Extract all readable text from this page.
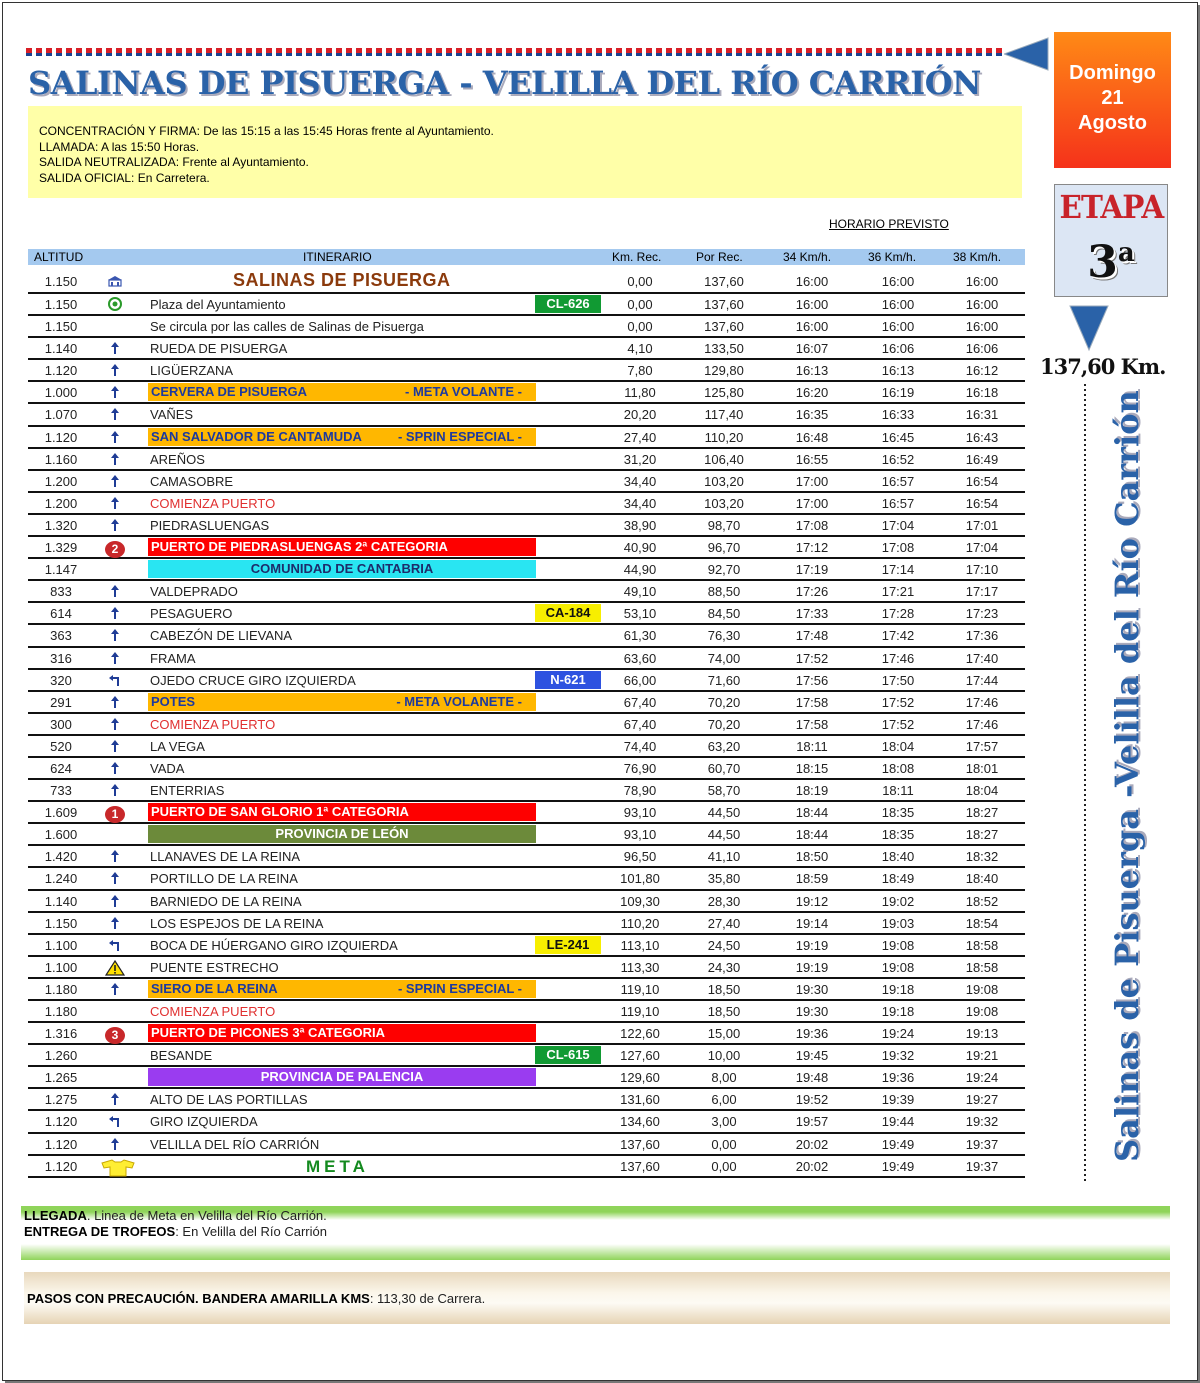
SALINAS DE PISUERGA - VELILLA DEL RÍO CARRIÓN
CONCENTRACIÓN Y FIRMA: De las 15:15 a las 15:45 Horas frente al Ayuntamiento.
LLAMADA: A las 15:50 Horas.
SALIDA NEUTRALIZADA: Frente al Ayuntamiento.
SALIDA OFICIAL: En Carretera.
Domingo
21
Agosto
ETAPA
3$^a$
137,60 Km.
Salinas de Pisuerga -Velilla del Río Carrión
HORARIO PREVISTO
ALTITUD	ITINERARIO	Km. Rec.	Por Rec.	34 Km/h.	36 Km/h.	38 Km/h.
1.150	SALINAS DE PISUERGA	0,00	137,60	16:00	16:00	16:00
1.150	Plaza del Ayuntamiento	CL-626	0,00	137,60	16:00	16:00	16:00
1.150	Se circula por las calles de Salinas de Pisuerga	0,00	137,60	16:00	16:00	16:00
1.140	RUEDA DE PISUERGA	4,10	133,50	16:07	16:06	16:06
1.120	LIGÜERZANA	7,80	129,80	16:13	16:13	16:12
1.000	CERVERA DE PISUERGA	- META VOLANTE -	11,80	125,80	16:20	16:19	16:18
1.070	VAÑES	20,20	117,40	16:35	16:33	16:31
1.120	SAN SALVADOR DE CANTAMUDA	- SPRIN ESPECIAL -	27,40	110,20	16:48	16:45	16:43
1.160	AREÑOS	31,20	106,40	16:55	16:52	16:49
1.200	CAMASOBRE	34,40	103,20	17:00	16:57	16:54
1.200	COMIENZA PUERTO	34,40	103,20	17:00	16:57	16:54
1.320	PIEDRASLUENGAS	38,90	98,70	17:08	17:04	17:01
1.329	2	PUERTO DE PIEDRASLUENGAS 2ª CATEGORIA	40,90	96,70	17:12	17:08	17:04
1.147	COMUNIDAD DE CANTABRIA	44,90	92,70	17:19	17:14	17:10
833	VALDEPRADO	49,10	88,50	17:26	17:21	17:17
614	PESAGUERO	CA-184	53,10	84,50	17:33	17:28	17:23
363	CABEZÓN DE LIEVANA	61,30	76,30	17:48	17:42	17:36
316	FRAMA	63,60	74,00	17:52	17:46	17:40
320	OJEDO CRUCE GIRO IZQUIERDA	N-621	66,00	71,60	17:56	17:50	17:44
291	POTES	- META VOLANETE -	67,40	70,20	17:58	17:52	17:46
300	COMIENZA PUERTO	67,40	70,20	17:58	17:52	17:46
520	LA VEGA	74,40	63,20	18:11	18:04	17:57
624	VADA	76,90	60,70	18:15	18:08	18:01
733	ENTERRIAS	78,90	58,70	18:19	18:11	18:04
1.609	1	PUERTO DE SAN GLORIO 1ª CATEGORIA	93,10	44,50	18:44	18:35	18:27
1.600	PROVINCIA DE LEÓN	93,10	44,50	18:44	18:35	18:27
1.420	LLANAVES DE LA REINA	96,50	41,10	18:50	18:40	18:32
1.240	PORTILLO DE LA REINA	101,80	35,80	18:59	18:49	18:40
1.140	BARNIEDO DE LA REINA	109,30	28,30	19:12	19:02	18:52
1.150	LOS ESPEJOS DE LA REINA	110,20	27,40	19:14	19:03	18:54
1.100	BOCA DE HÚERGANO GIRO IZQUIERDA	LE-241	113,10	24,50	19:19	19:08	18:58
1.100	PUENTE ESTRECHO	113,30	24,30	19:19	19:08	18:58
1.180	SIERO DE LA REINA	- SPRIN ESPECIAL -	119,10	18,50	19:30	19:18	19:08
1.180	COMIENZA PUERTO	119,10	18,50	19:30	19:18	19:08
1.316	3	PUERTO DE PICONES 3ª CATEGORIA	122,60	15,00	19:36	19:24	19:13
1.260	BESANDE	CL-615	127,60	10,00	19:45	19:32	19:21
1.265	PROVINCIA DE PALENCIA	129,60	8,00	19:48	19:36	19:24
1.275	ALTO DE LAS PORTILLAS	131,60	6,00	19:52	19:39	19:27
1.120	GIRO IZQUIERDA	134,60	3,00	19:57	19:44	19:32
1.120	VELILLA DEL RÍO CARRIÓN	137,60	0,00	20:02	19:49	19:37
1.120	META	137,60	0,00	20:02	19:49	19:37
LLEGADA. Linea de Meta en Velilla del Río Carrión.
ENTREGA DE TROFEOS: En Velilla del Río Carrión
PASOS CON PRECAUCIÓN. BANDERA AMARILLA KMS: 113,30 de Carrera.
